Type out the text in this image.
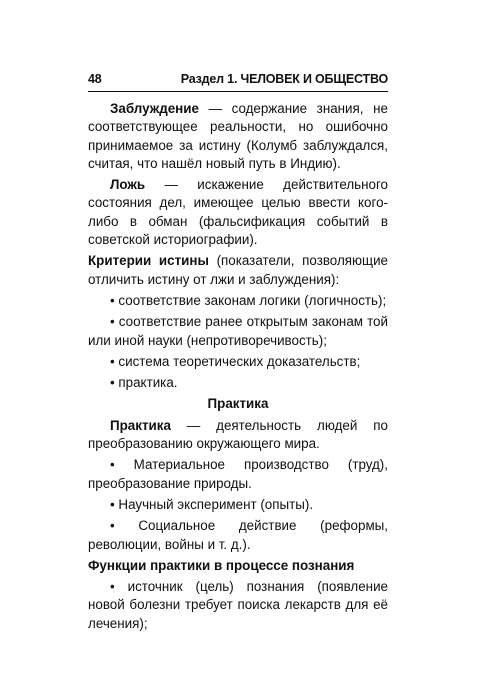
48	Раздел 1. ЧЕЛОВЕК И ОБЩЕСТВО

Заблуждение — содержание знания, не соответствующее реальности, но ошибочно принимаемое за истину (Колумб заблуждался, считая, что нашёл новый путь в Индию).

Ложь — искажение действительного состояния дел, имеющее целью ввести кого-либо в обман (фальсификация событий в советской историографии).

Критерии истины (показатели, позволяющие отличить истину от лжи и заблуждения):

• соответствие законам логики (логичность);

• соответствие ранее открытым законам той или иной науки (непротиворечивость);

• система теоретических доказательств;

• практика.

Практика

Практика — деятельность людей по преобразованию окружающего мира.

• Материальное производство (труд), преобразование природы.

• Научный эксперимент (опыты).

• Социальное действие (реформы, революции, войны и т. д.).

Функции практики в процессе познания

• источник (цель) познания (появление новой болезни требует поиска лекарств для её лечения);
